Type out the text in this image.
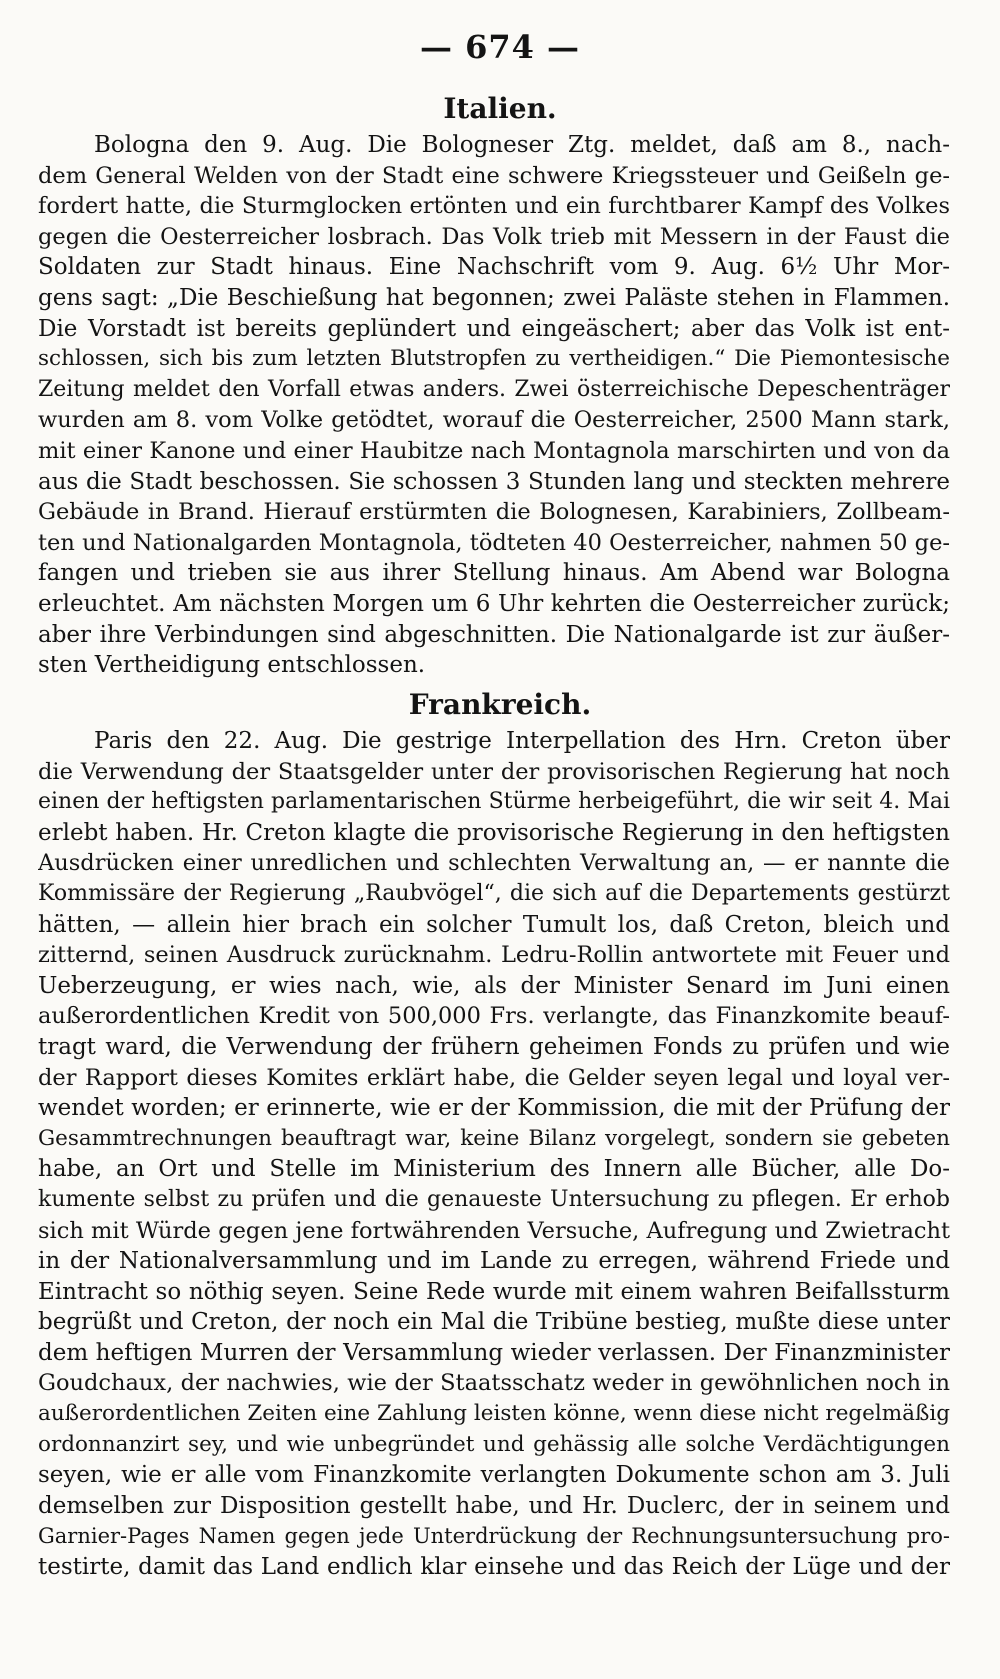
— 674 —
Italien.
Bologna den 9. Aug. Die Bologneser Ztg. meldet, daß am 8., nach-
dem General Welden von der Stadt eine schwere Kriegssteuer und Geißeln ge-
fordert hatte, die Sturmglocken ertönten und ein furchtbarer Kampf des Volkes
gegen die Oesterreicher losbrach. Das Volk trieb mit Messern in der Faust die
Soldaten zur Stadt hinaus. Eine Nachschrift vom 9. Aug. 6½ Uhr Mor-
gens sagt: „Die Beschießung hat begonnen; zwei Paläste stehen in Flammen.
Die Vorstadt ist bereits geplündert und eingeäschert; aber das Volk ist ent-
schlossen, sich bis zum letzten Blutstropfen zu vertheidigen.“ Die Piemontesische
Zeitung meldet den Vorfall etwas anders. Zwei österreichische Depeschenträger
wurden am 8. vom Volke getödtet, worauf die Oesterreicher, 2500 Mann stark,
mit einer Kanone und einer Haubitze nach Montagnola marschirten und von da
aus die Stadt beschossen. Sie schossen 3 Stunden lang und steckten mehrere
Gebäude in Brand. Hierauf erstürmten die Bolognesen, Karabiniers, Zollbeam-
ten und Nationalgarden Montagnola, tödteten 40 Oesterreicher, nahmen 50 ge-
fangen und trieben sie aus ihrer Stellung hinaus. Am Abend war Bologna
erleuchtet. Am nächsten Morgen um 6 Uhr kehrten die Oesterreicher zurück;
aber ihre Verbindungen sind abgeschnitten. Die Nationalgarde ist zur äußer-
sten Vertheidigung entschlossen.
Frankreich.
Paris den 22. Aug. Die gestrige Interpellation des Hrn. Creton über
die Verwendung der Staatsgelder unter der provisorischen Regierung hat noch
einen der heftigsten parlamentarischen Stürme herbeigeführt, die wir seit 4. Mai
erlebt haben. Hr. Creton klagte die provisorische Regierung in den heftigsten
Ausdrücken einer unredlichen und schlechten Verwaltung an, — er nannte die
Kommissäre der Regierung „Raubvögel“, die sich auf die Departements gestürzt
hätten, — allein hier brach ein solcher Tumult los, daß Creton, bleich und
zitternd, seinen Ausdruck zurücknahm. Ledru-Rollin antwortete mit Feuer und
Ueberzeugung, er wies nach, wie, als der Minister Senard im Juni einen
außerordentlichen Kredit von 500,000 Frs. verlangte, das Finanzkomite beauf-
tragt ward, die Verwendung der frühern geheimen Fonds zu prüfen und wie
der Rapport dieses Komites erklärt habe, die Gelder seyen legal und loyal ver-
wendet worden; er erinnerte, wie er der Kommission, die mit der Prüfung der
Gesammtrechnungen beauftragt war, keine Bilanz vorgelegt, sondern sie gebeten
habe, an Ort und Stelle im Ministerium des Innern alle Bücher, alle Do-
kumente selbst zu prüfen und die genaueste Untersuchung zu pflegen. Er erhob
sich mit Würde gegen jene fortwährenden Versuche, Aufregung und Zwietracht
in der Nationalversammlung und im Lande zu erregen, während Friede und
Eintracht so nöthig seyen. Seine Rede wurde mit einem wahren Beifallssturm
begrüßt und Creton, der noch ein Mal die Tribüne bestieg, mußte diese unter
dem heftigen Murren der Versammlung wieder verlassen. Der Finanzminister
Goudchaux, der nachwies, wie der Staatsschatz weder in gewöhnlichen noch in
außerordentlichen Zeiten eine Zahlung leisten könne, wenn diese nicht regelmäßig
ordonnanzirt sey, und wie unbegründet und gehässig alle solche Verdächtigungen
seyen, wie er alle vom Finanzkomite verlangten Dokumente schon am 3. Juli
demselben zur Disposition gestellt habe, und Hr. Duclerc, der in seinem und
Garnier-Pages Namen gegen jede Unterdrückung der Rechnungsuntersuchung pro-
testirte, damit das Land endlich klar einsehe und das Reich der Lüge und der
